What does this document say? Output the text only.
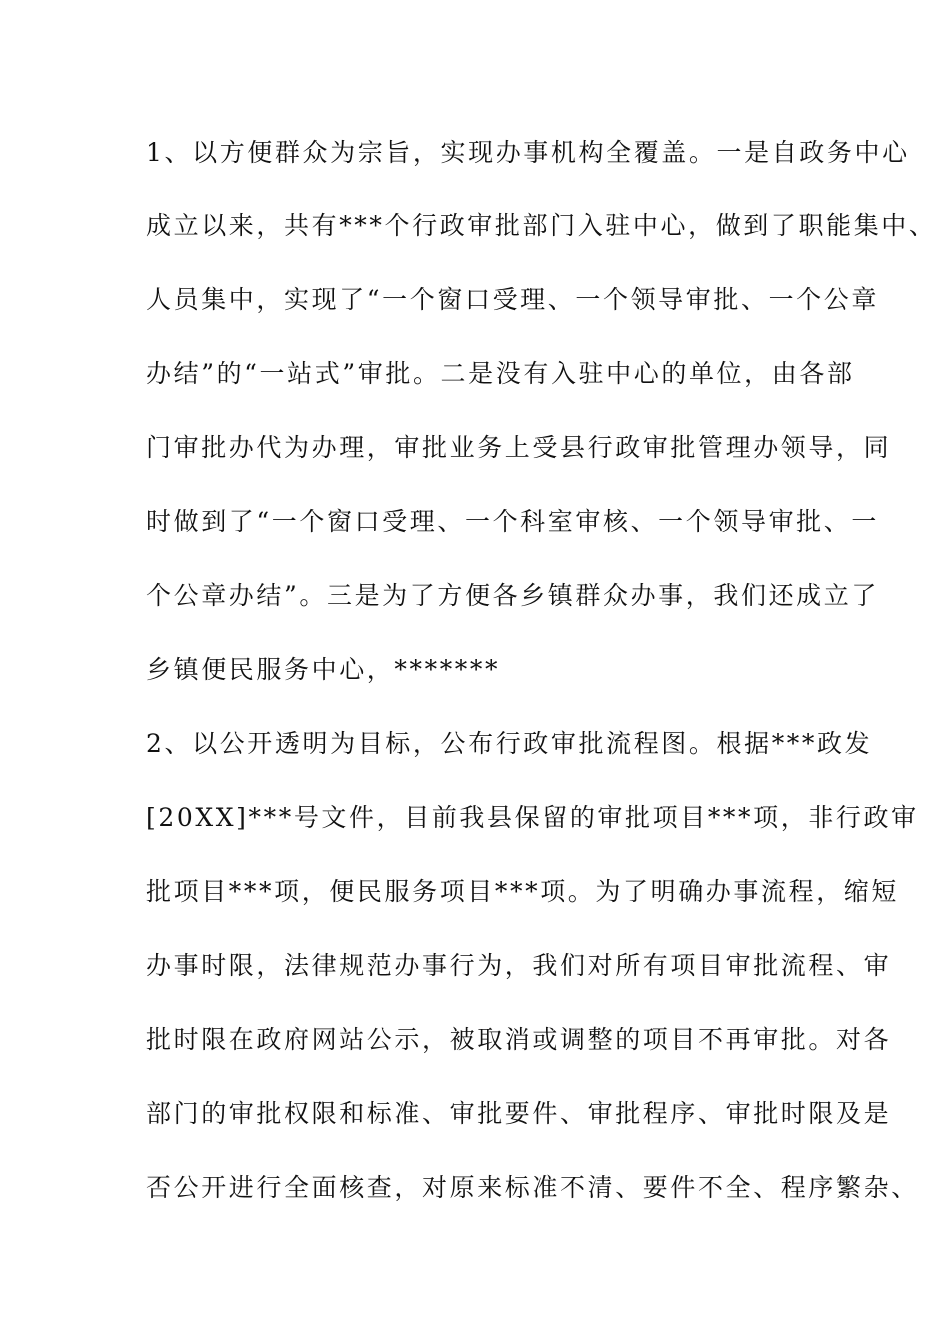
1、以方便群众为宗旨，实现办事机构全覆盖。一是自政务中心
成立以来，共有***个行政审批部门入驻中心，做到了职能集中、
人员集中，实现了“一个窗口受理、一个领导审批、一个公章
办结”的“一站式”审批。二是没有入驻中心的单位，由各部
门审批办代为办理，审批业务上受县行政审批管理办领导，同
时做到了“一个窗口受理、一个科室审核、一个领导审批、一
个公章办结”。三是为了方便各乡镇群众办事，我们还成立了
乡镇便民服务中心，*******
2、以公开透明为目标，公布行政审批流程图。根据***政发
[20XX]***号文件，目前我县保留的审批项目***项，非行政审
批项目***项，便民服务项目***项。为了明确办事流程，缩短
办事时限，法律规范办事行为，我们对所有项目审批流程、审
批时限在政府网站公示，被取消或调整的项目不再审批。对各
部门的审批权限和标准、审批要件、审批程序、审批时限及是
否公开进行全面核查，对原来标准不清、要件不全、程序繁杂、
